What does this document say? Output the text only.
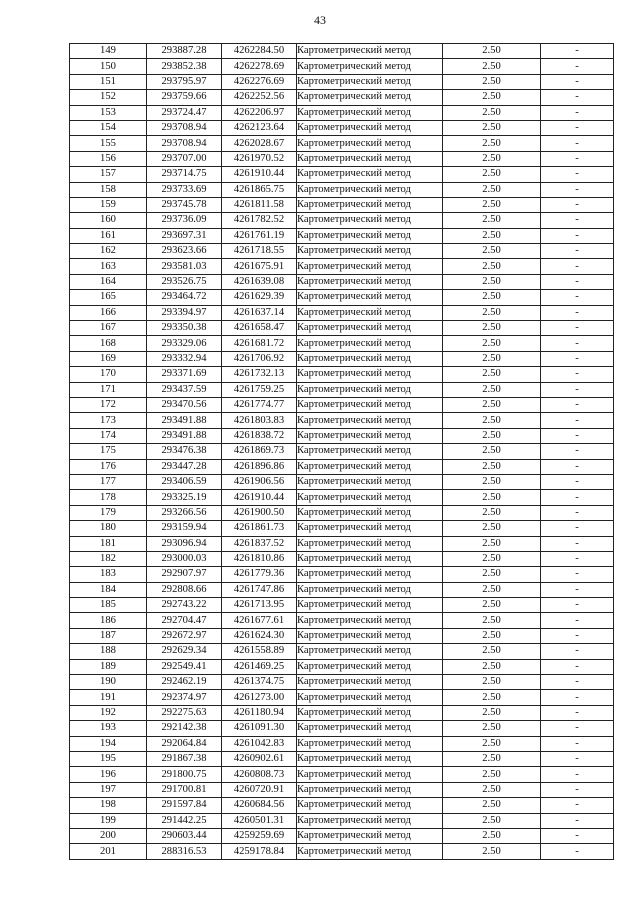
43
149	293887.28	4262284.50	Картометрический метод	2.50	-
150	293852.38	4262278.69	Картометрический метод	2.50	-
151	293795.97	4262276.69	Картометрический метод	2.50	-
152	293759.66	4262252.56	Картометрический метод	2.50	-
153	293724.47	4262206.97	Картометрический метод	2.50	-
154	293708.94	4262123.64	Картометрический метод	2.50	-
155	293708.94	4262028.67	Картометрический метод	2.50	-
156	293707.00	4261970.52	Картометрический метод	2.50	-
157	293714.75	4261910.44	Картометрический метод	2.50	-
158	293733.69	4261865.75	Картометрический метод	2.50	-
159	293745.78	4261811.58	Картометрический метод	2.50	-
160	293736.09	4261782.52	Картометрический метод	2.50	-
161	293697.31	4261761.19	Картометрический метод	2.50	-
162	293623.66	4261718.55	Картометрический метод	2.50	-
163	293581.03	4261675.91	Картометрический метод	2.50	-
164	293526.75	4261639.08	Картометрический метод	2.50	-
165	293464.72	4261629.39	Картометрический метод	2.50	-
166	293394.97	4261637.14	Картометрический метод	2.50	-
167	293350.38	4261658.47	Картометрический метод	2.50	-
168	293329.06	4261681.72	Картометрический метод	2.50	-
169	293332.94	4261706.92	Картометрический метод	2.50	-
170	293371.69	4261732.13	Картометрический метод	2.50	-
171	293437.59	4261759.25	Картометрический метод	2.50	-
172	293470.56	4261774.77	Картометрический метод	2.50	-
173	293491.88	4261803.83	Картометрический метод	2.50	-
174	293491.88	4261838.72	Картометрический метод	2.50	-
175	293476.38	4261869.73	Картометрический метод	2.50	-
176	293447.28	4261896.86	Картометрический метод	2.50	-
177	293406.59	4261906.56	Картометрический метод	2.50	-
178	293325.19	4261910.44	Картометрический метод	2.50	-
179	293266.56	4261900.50	Картометрический метод	2.50	-
180	293159.94	4261861.73	Картометрический метод	2.50	-
181	293096.94	4261837.52	Картометрический метод	2.50	-
182	293000.03	4261810.86	Картометрический метод	2.50	-
183	292907.97	4261779.36	Картометрический метод	2.50	-
184	292808.66	4261747.86	Картометрический метод	2.50	-
185	292743.22	4261713.95	Картометрический метод	2.50	-
186	292704.47	4261677.61	Картометрический метод	2.50	-
187	292672.97	4261624.30	Картометрический метод	2.50	-
188	292629.34	4261558.89	Картометрический метод	2.50	-
189	292549.41	4261469.25	Картометрический метод	2.50	-
190	292462.19	4261374.75	Картометрический метод	2.50	-
191	292374.97	4261273.00	Картометрический метод	2.50	-
192	292275.63	4261180.94	Картометрический метод	2.50	-
193	292142.38	4261091.30	Картометрический метод	2.50	-
194	292064.84	4261042.83	Картометрический метод	2.50	-
195	291867.38	4260902.61	Картометрический метод	2.50	-
196	291800.75	4260808.73	Картометрический метод	2.50	-
197	291700.81	4260720.91	Картометрический метод	2.50	-
198	291597.84	4260684.56	Картометрический метод	2.50	-
199	291442.25	4260501.31	Картометрический метод	2.50	-
200	290603.44	4259259.69	Картометрический метод	2.50	-
201	288316.53	4259178.84	Картометрический метод	2.50	-
